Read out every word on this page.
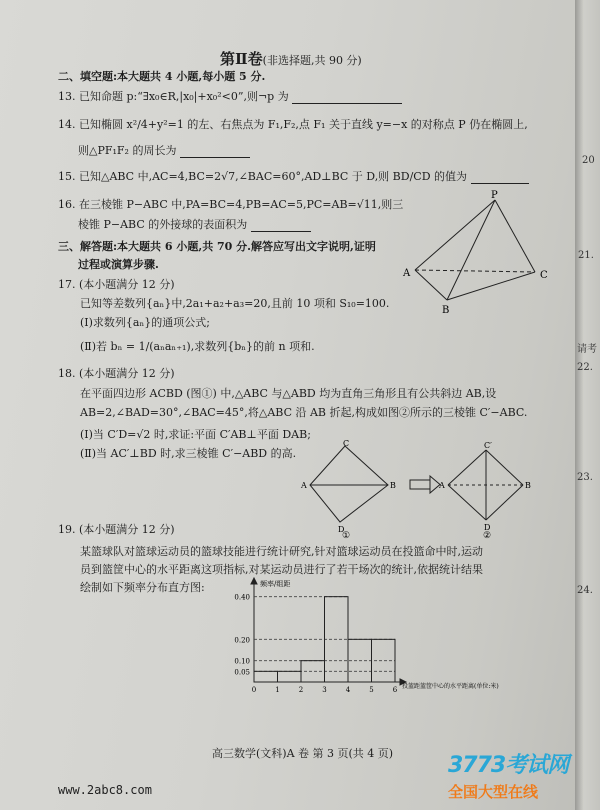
20
21.
请考
22.
23.
24.
第Ⅱ卷(非选择题,共 90 分)
二、填空题:本大题共 4 小题,每小题 5 分.
13. 已知命题 p:“∃x₀∈R,|x₀|+x₀²<0”,则¬p 为
14. 已知椭圆 x²/4+y²=1 的左、右焦点为 F₁,F₂,点 F₁ 关于直线 y=−x 的对称点 P 仍在椭圆上,
则△PF₁F₂ 的周长为
15. 已知△ABC 中,AC=4,BC=2√7,∠BAC=60°,AD⊥BC 于 D,则 BD/CD 的值为
16. 在三棱锥 P−ABC 中,PA=BC=4,PB=AC=5,PC=AB=√11,则三
棱锥 P−ABC 的外接球的表面积为
P
A
B
C
三、解答题:本大题共 6 小题,共 70 分.解答应写出文字说明,证明
过程或演算步骤.
17. (本小题满分 12 分)
已知等差数列{aₙ}中,2a₁+a₂+a₃=20,且前 10 项和 S₁₀=100.
(Ⅰ)求数列{aₙ}的通项公式;
(Ⅱ)若 bₙ = 1/(aₙaₙ₊₁),求数列{bₙ}的前 n 项和.
18. (本小题满分 12 分)
在平面四边形 ACBD (图①) 中,△ABC 与△ABD 均为直角三角形且有公共斜边 AB,设
AB=2,∠BAD=30°,∠BAC=45°,将△ABC 沿 AB 折起,构成如图②所示的三棱锥 C′−ABC.
(Ⅰ)当 C′D=√2 时,求证:平面 C′AB⊥平面 DAB;
(Ⅱ)当 AC′⊥BD 时,求三棱锥 C′−ABD 的高.
C
A	B
D
C′
A	B
D
①	②
19. (本小题满分 12 分)
某篮球队对篮球运动员的篮球技能进行统计研究,针对篮球运动员在投篮命中时,运动
员到篮筐中心的水平距离这项指标,对某运动员进行了若干场次的统计,依据统计结果
绘制如下频率分布直方图:
0.05
0.10
0.20
0.40
0	1	2	3	4	5	6
频率/组距
投篮距篮筐中心的水平距离(单位:米)
高三数学(文科)A 卷 第 3 页(共 4 页)
www.2abc8.com
3773考试网
全国大型在线
